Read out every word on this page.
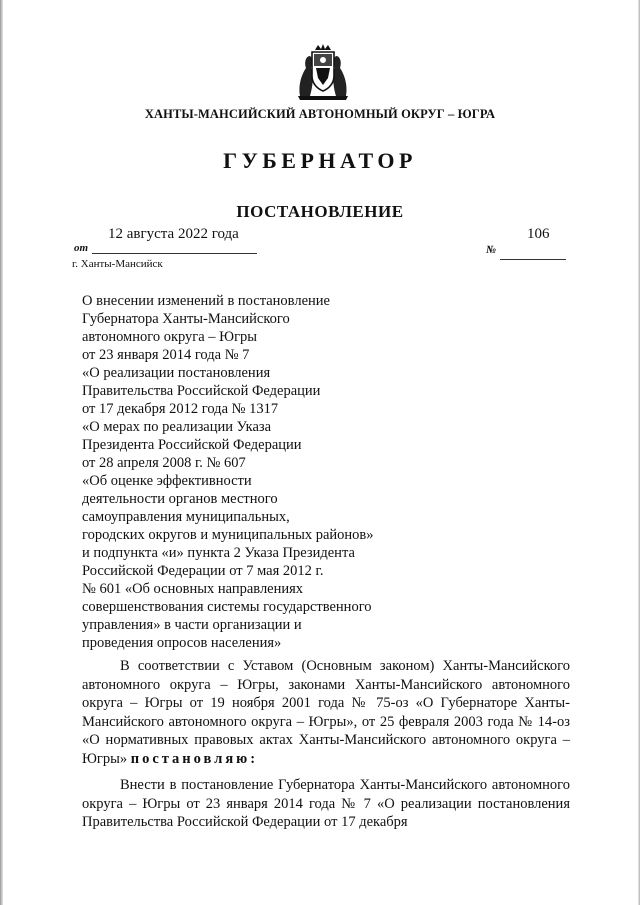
ХАНТЫ-МАНСИЙСКИЙ АВТОНОМНЫЙ ОКРУГ – ЮГРА
ГУБЕРНАТОР
ПОСТАНОВЛЕНИЕ
12 августа 2022 года
от
106
№
г. Ханты-Мансийск
О внесении изменений в постановление
Губернатора Ханты-Мансийского
автономного округа – Югры
от 23 января 2014 года № 7
«О реализации постановления
Правительства Российской Федерации
от 17 декабря 2012 года № 1317
«О мерах по реализации Указа
Президента Российской Федерации
от 28 апреля 2008 г. № 607
«Об оценке эффективности
деятельности органов местного
самоуправления муниципальных,
городских округов и муниципальных районов»
и подпункта «и» пункта 2 Указа Президента
Российской Федерации от 7 мая 2012 г.
№ 601 «Об основных направлениях
совершенствования системы государственного
управления» в части организации и
проведения опросов населения»
В соответствии с Уставом (Основным законом) Ханты-Мансийского автономного округа – Югры, законами Ханты-Мансийского автономного округа – Югры от 19 ноября 2001 года № 75-оз «О Губернаторе Ханты-Мансийского автономного округа – Югры», от 25 февраля 2003 года № 14-оз «О нормативных правовых актах Ханты-Мансийского автономного округа – Югры» постановляю:
Внести в постановление Губернатора Ханты-Мансийского автономного округа – Югры от 23 января 2014 года № 7 «О реализации постановления Правительства Российской Федерации от 17 декабря
